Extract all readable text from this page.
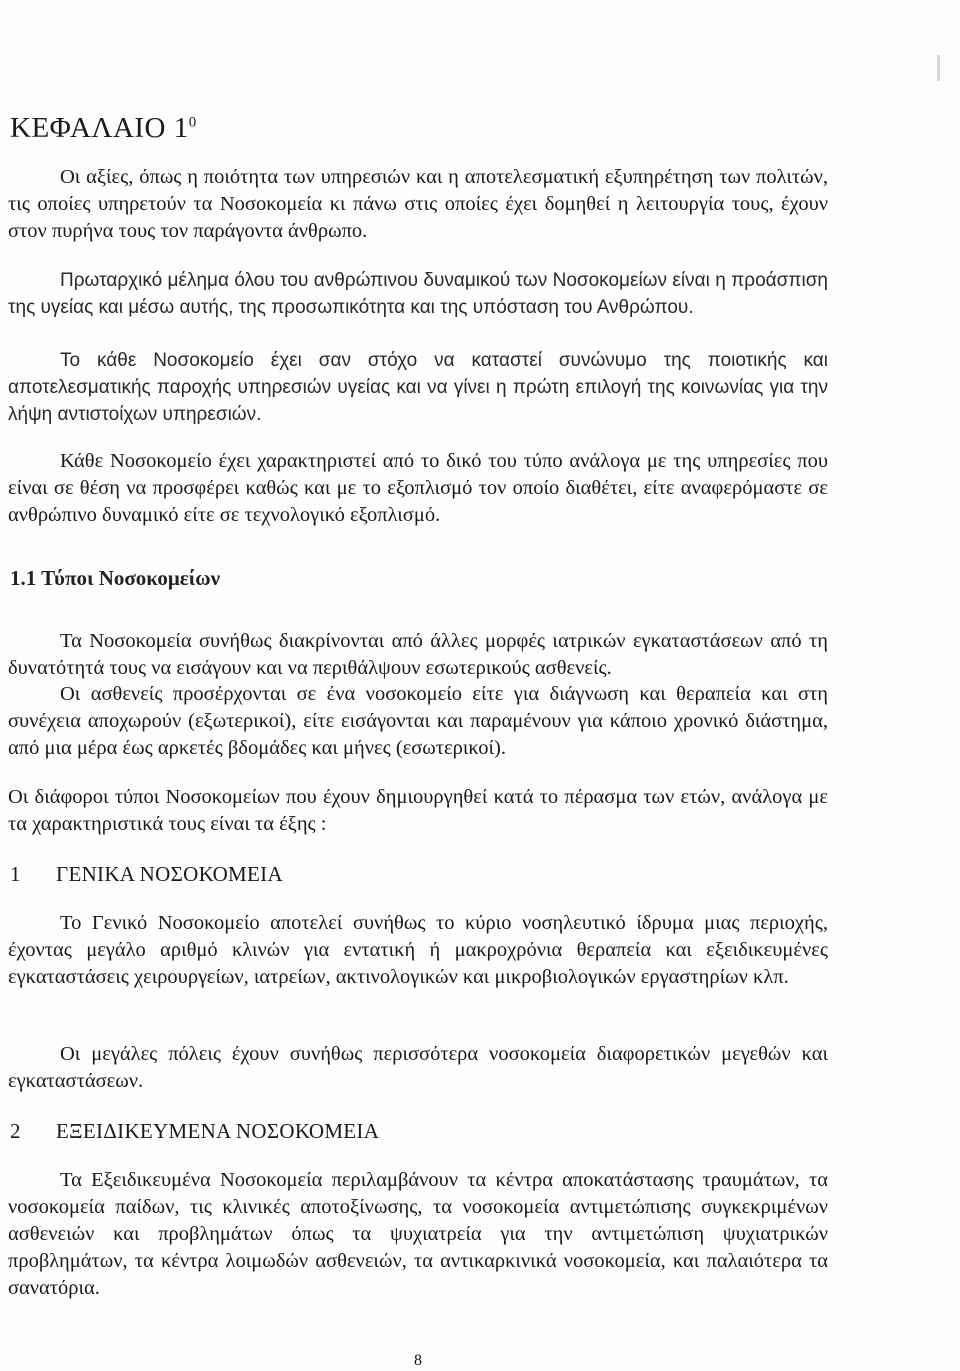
ΚΕΦΑΛΑΙΟ $1^0$

Οι αξίες, όπως η ποιότητα των υπηρεσιών και η αποτελεσματική εξυπηρέτηση των πολιτών, τις οποίες υπηρετούν τα Νοσοκομεία κι πάνω στις οποίες έχει δομηθεί η λειτουργία τους, έχουν στον πυρήνα τους τον παράγοντα άνθρωπο.

Πρωταρχικό μέλημα όλου του ανθρώπινου δυναμικού των Νοσοκομείων είναι η προάσπιση της υγείας και μέσω αυτής, της προσωπικότητα και της υπόσταση του Ανθρώπου.

Το κάθε Νοσοκομείο έχει σαν στόχο να καταστεί συνώνυμο της ποιοτικής και αποτελεσματικής παροχής υπηρεσιών υγείας και να γίνει η πρώτη επιλογή της κοινωνίας για την λήψη αντιστοίχων υπηρεσιών.

Κάθε Νοσοκομείο έχει χαρακτηριστεί από το δικό του τύπο ανάλογα με της υπηρεσίες που είναι σε θέση να προσφέρει καθώς και με το εξοπλισμό τον οποίο διαθέτει, είτε αναφερόμαστε σε ανθρώπινο δυναμικό είτε σε τεχνολογικό εξοπλισμό.

1.1 Τύποι Νοσοκομείων

Τα Νοσοκομεία συνήθως διακρίνονται από άλλες μορφές ιατρικών εγκαταστάσεων από τη δυνατότητά τους να εισάγουν και να περιθάλψουν εσωτερικούς ασθενείς.

Οι ασθενείς προσέρχονται σε ένα νοσοκομείο είτε για διάγνωση και θεραπεία και στη συνέχεια αποχωρούν (εξωτερικοί), είτε εισάγονται και παραμένουν για κάποιο χρονικό διάστημα, από μια μέρα έως αρκετές βδομάδες και μήνες (εσωτερικοί).

Οι διάφοροι τύποι Νοσοκομείων που έχουν δημιουργηθεί κατά το πέρασμα των ετών, ανάλογα με τα χαρακτηριστικά τους είναι τα έξης :

1 ΓΕΝΙΚΑ ΝΟΣΟΚΟΜΕΙΑ

Το Γενικό Νοσοκομείο αποτελεί συνήθως το κύριο νοσηλευτικό ίδρυμα μιας περιοχής, έχοντας μεγάλο αριθμό κλινών για εντατική ή μακροχρόνια θεραπεία και εξειδικευμένες εγκαταστάσεις χειρουργείων, ιατρείων, ακτινολογικών και μικροβιολογικών εργαστηρίων κλπ.

Οι μεγάλες πόλεις έχουν συνήθως περισσότερα νοσοκομεία διαφορετικών μεγεθών και εγκαταστάσεων.

2 ΕΞΕΙΔΙΚΕΥΜΕΝΑ ΝΟΣΟΚΟΜΕΙΑ

Τα Εξειδικευμένα Νοσοκομεία περιλαμβάνουν τα κέντρα αποκατάστασης τραυμάτων, τα νοσοκομεία παίδων, τις κλινικές αποτοξίνωσης, τα νοσοκομεία αντιμετώπισης συγκεκριμένων ασθενειών και προβλημάτων όπως τα ψυχιατρεία για την αντιμετώπιση ψυχιατρικών προβλημάτων, τα κέντρα λοιμωδών ασθενειών, τα αντικαρκινικά νοσοκομεία, και παλαιότερα τα σανατόρια.

8
